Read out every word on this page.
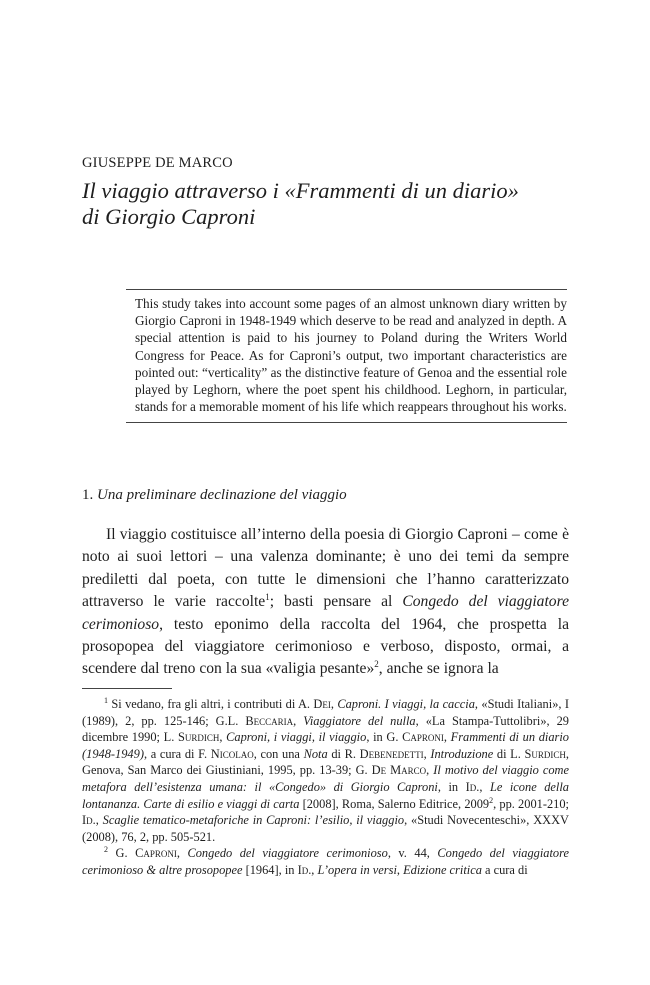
GIUSEPPE DE MARCO
Il viaggio attraverso i «Frammenti di un diario»
di Giorgio Caproni

This study takes into account some pages of an almost unknown diary written by Giorgio Caproni in 1948-1949 which deserve to be read and analyzed in depth. A special attention is paid to his journey to Poland during the Writers World Congress for Peace. As for Caproni’s output, two important characteristics are pointed out: “verticality” as the distinctive feature of Genoa and the essential role played by Leghorn, where the poet spent his childhood. Leghorn, in particular, stands for a memorable moment of his life which reappears throughout his works.

1. Una preliminare declinazione del viaggio

Il viaggio costituisce all’interno della poesia di Giorgio Caproni – come è noto ai suoi lettori – una valenza dominante; è uno dei temi da sempre prediletti dal poeta, con tutte le dimensioni che l’hanno caratterizzato attraverso le varie raccolte$^1$; basti pensare al Congedo del viaggiatore cerimonioso, testo eponimo della raccolta del 1964, che prospetta la prosopopea del viaggiatore cerimonioso e verboso, disposto, ormai, a scendere dal treno con la sua «valigia pesante»$^2$, anche se ignora la

$^1$ Si vedano, fra gli altri, i contributi di A. Dei, Caproni. I viaggi, la caccia, «Studi Italiani», I (1989), 2, pp. 125-146; G.L. Beccaria, Viaggiatore del nulla, «La Stampa-Tuttolibri», 29 dicembre 1990; L. Surdich, Caproni, i viaggi, il viaggio, in G. Caproni, Frammenti di un diario (1948-1949), a cura di F. Nicolao, con una Nota di R. Debenedetti, Introduzione di L. Surdich, Genova, San Marco dei Giustiniani, 1995, pp. 13-39; G. De Marco, Il motivo del viaggio come metafora dell’esistenza umana: il «Congedo» di Giorgio Caproni, in Id., Le icone della lontananza. Carte di esilio e viaggi di carta [2008], Roma, Salerno Editrice, 2009$^2$, pp. 2001-210; Id., Scaglie tematico-metaforiche in Caproni: l’esilio, il viaggio, «Studi Novecenteschi», XXXV (2008), 76, 2, pp. 505-521.

$^2$ G. Caproni, Congedo del viaggiatore cerimonioso, v. 44, Congedo del viaggiatore cerimonioso & altre prosopopee [1964], in Id., L’opera in versi, Edizione critica a cura di
